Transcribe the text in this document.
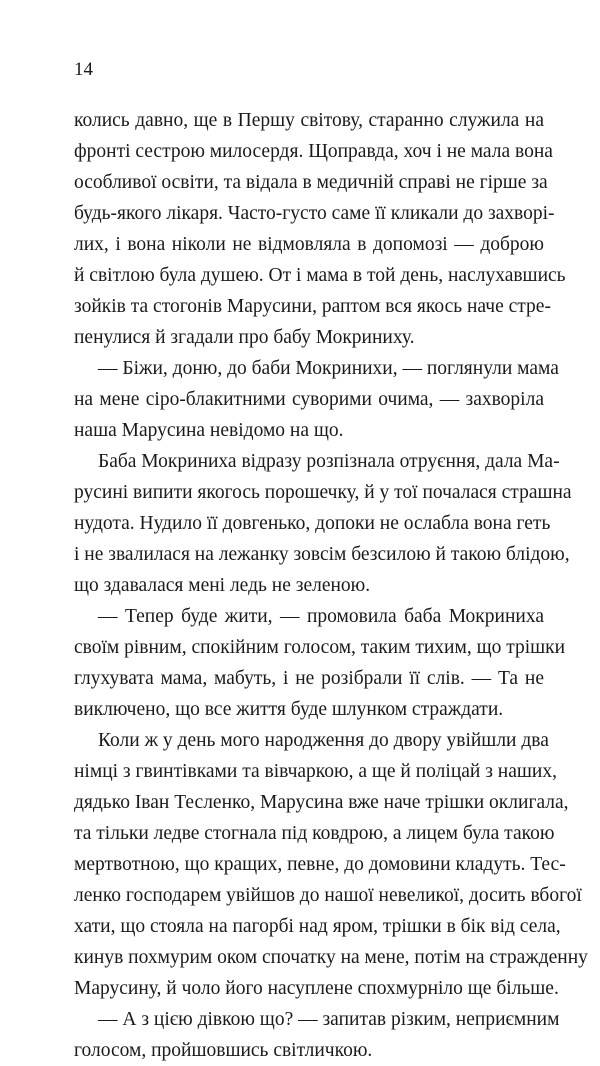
14
колись давно, ще в Першу світову, старанно служила на
фронті сестрою милосердя. Щоправда, хоч і не мала вона
особливої освіти, та відала в медичній справі не гірше за
будь-якого лікаря. Часто-густо саме її кликали до захворі-
лих, і вона ніколи не відмовляла в допомозі — доброю
й світлою була душею. От і мама в той день, наслухавшись
зойків та стогонів Марусини, раптом вся якось наче стре-
пенулися й згадали про бабу Мокриниху.
— Біжи, доню, до баби Мокринихи, — поглянули мама
на мене сіро-блакитними суворими очима, — захворіла
наша Марусина невідомо на що.
Баба Мокриниха відразу розпізнала отруєння, дала Ма-
русині випити якогось порошечку, й у тої почалася страшна
нудота. Нудило її довгенько, допоки не ослабла вона геть
і не звалилася на лежанку зовсім безсилою й такою блідою,
що здавалася мені ледь не зеленою.
— Тепер буде жити, — промовила баба Мокриниха
своїм рівним, спокійним голосом, таким тихим, що трішки
глухувата мама, мабуть, і не розібрали її слів. — Та не
виключено, що все життя буде шлунком страждати.
Коли ж у день мого народження до двору увійшли два
німці з гвинтівками та вівчаркою, а ще й поліцай з наших,
дядько Іван Тесленко, Марусина вже наче трішки оклигала,
та тільки ледве стогнала під ковдрою, а лицем була такою
мертвотною, що кращих, певне, до домовини кладуть. Тес-
ленко господарем увійшов до нашої невеликої, досить вбогої
хати, що стояла на пагорбі над яром, трішки в бік від села,
кинув похмурим оком спочатку на мене, потім на стражденну
Марусину, й чоло його насуплене спохмурніло ще більше.
— А з цією дівкою що? — запитав різким, неприємним
голосом, пройшовшись світличкою.
